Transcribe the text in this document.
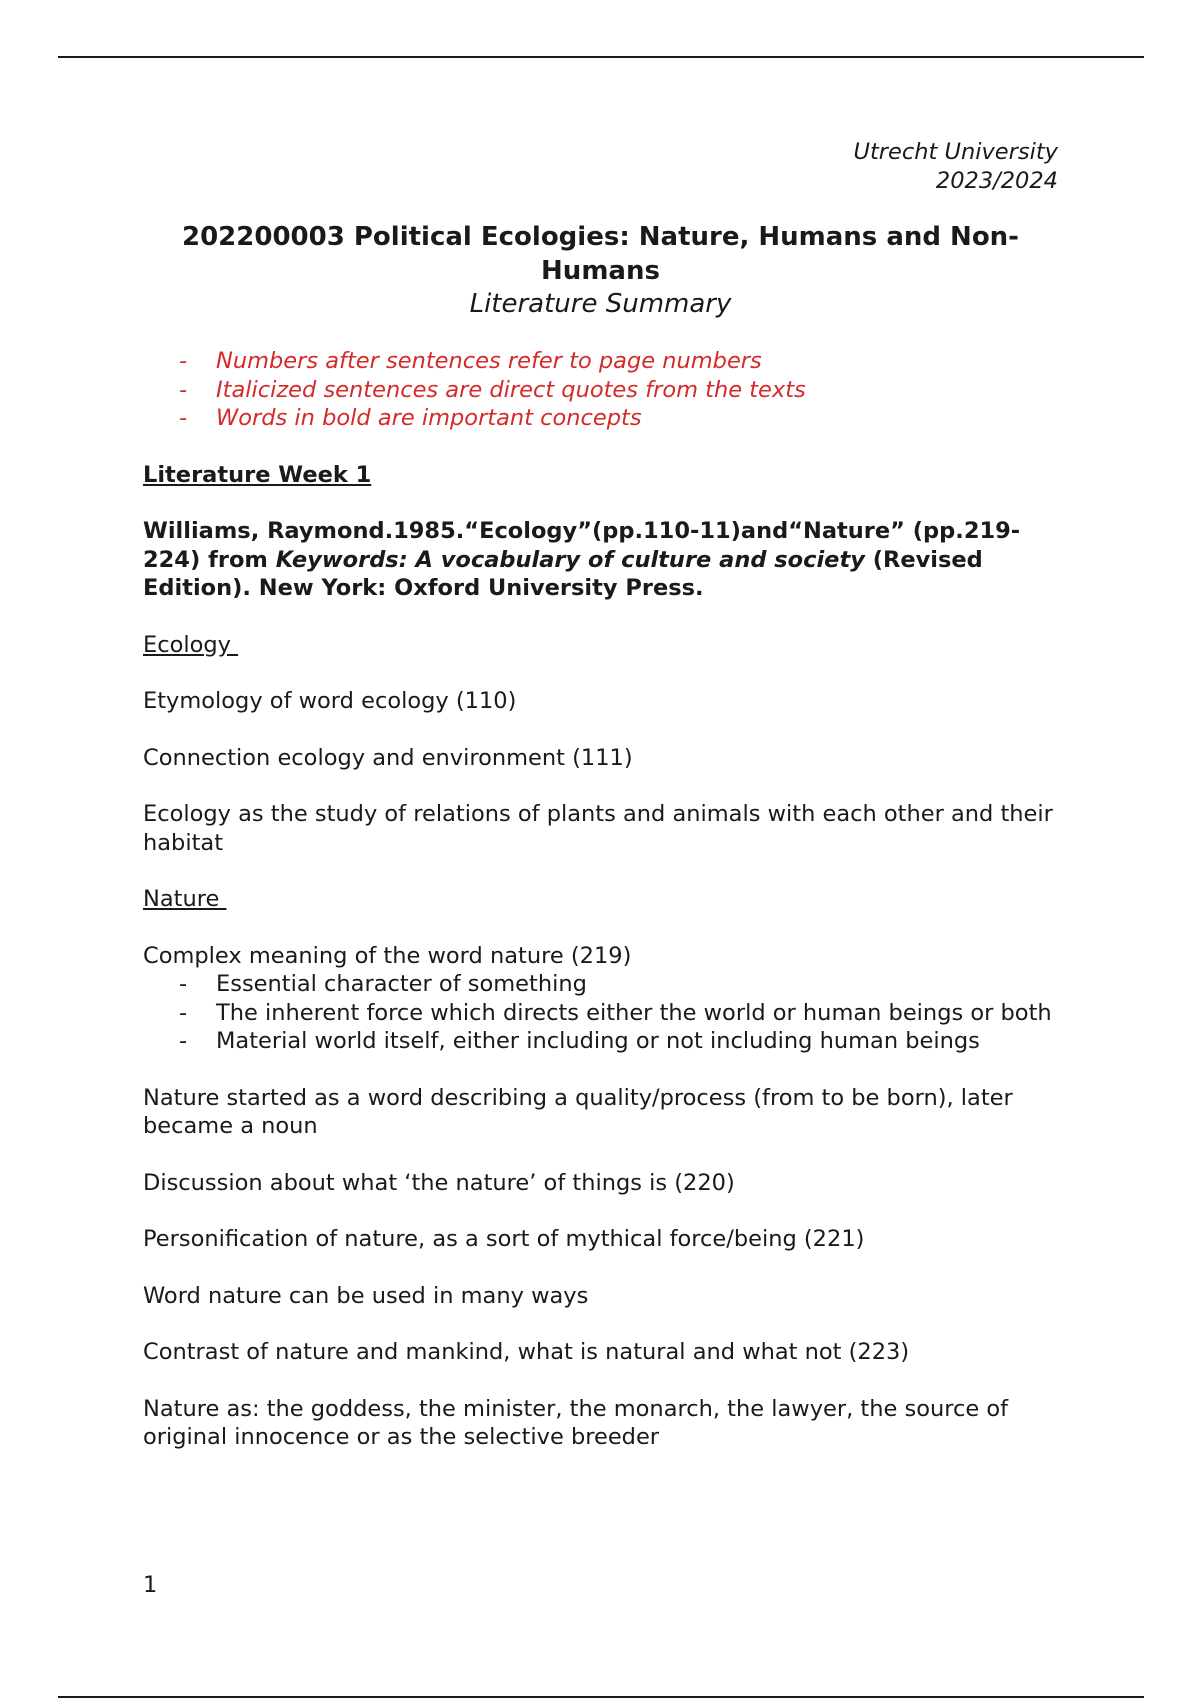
Utrecht University
2023/2024
202200003 Political Ecologies: Nature, Humans and Non-Humans
Literature Summary
- Numbers after sentences refer to page numbers
- Italicized sentences are direct quotes from the texts
- Words in bold are important concepts
Literature Week 1
Williams, Raymond.1985.“Ecology”(pp.110-11)and“Nature” (pp.219-224) from Keywords: A vocabulary of culture and society (Revised Edition). New York: Oxford University Press.
Ecology
Etymology of word ecology (110)
Connection ecology and environment (111)
Ecology as the study of relations of plants and animals with each other and their habitat
Nature
Complex meaning of the word nature (219)
- Essential character of something
- The inherent force which directs either the world or human beings or both
- Material world itself, either including or not including human beings
Nature started as a word describing a quality/process (from to be born), later became a noun
Discussion about what ‘the nature’ of things is (220)
Personification of nature, as a sort of mythical force/being (221)
Word nature can be used in many ways
Contrast of nature and mankind, what is natural and what not (223)
Nature as: the goddess, the minister, the monarch, the lawyer, the source of original innocence or as the selective breeder
1
